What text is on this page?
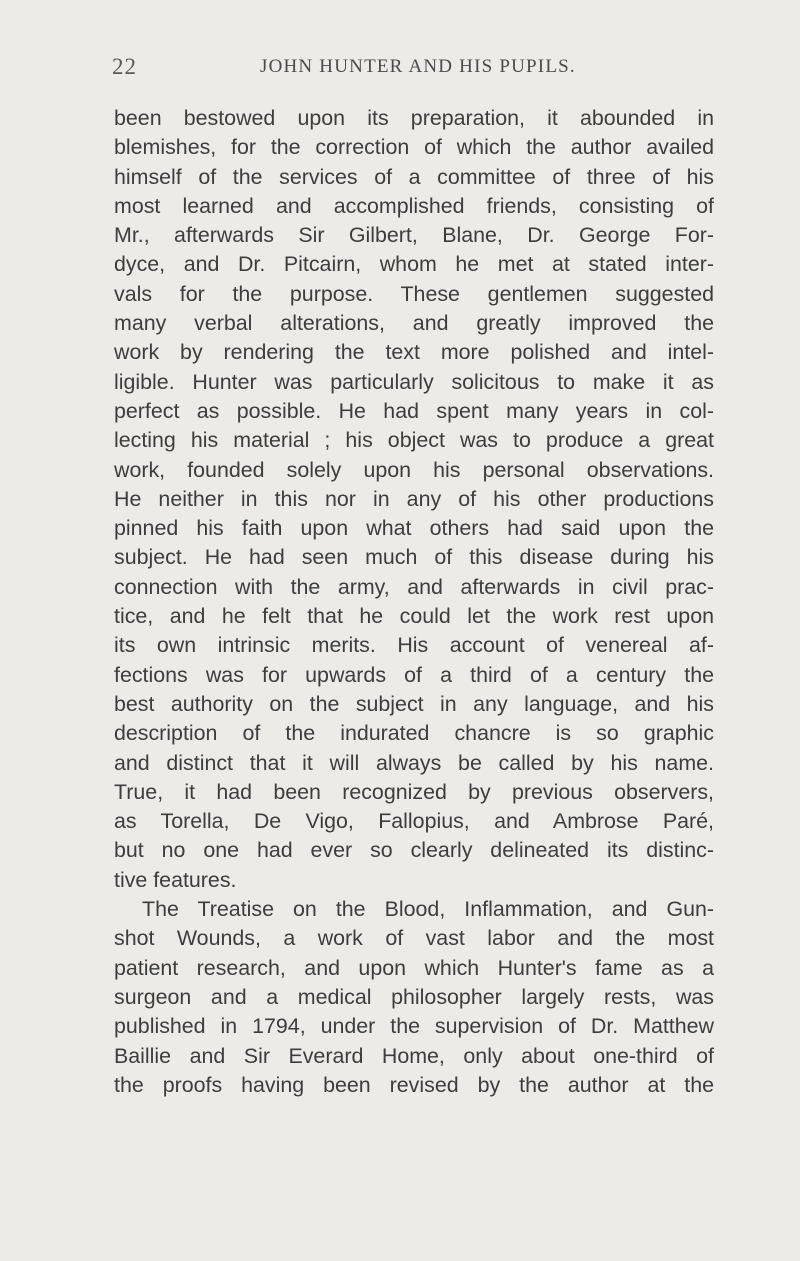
22	JOHN HUNTER AND HIS PUPILS.
been bestowed upon its preparation, it abounded in
blemishes, for the correction of which the author availed
himself of the services of a committee of three of his
most learned and accomplished friends, consisting of
Mr., afterwards Sir Gilbert, Blane, Dr. George For-
dyce, and Dr. Pitcairn, whom he met at stated inter-
vals for the purpose. These gentlemen suggested
many verbal alterations, and greatly improved the
work by rendering the text more polished and intel-
ligible. Hunter was particularly solicitous to make it as
perfect as possible. He had spent many years in col-
lecting his material ; his object was to produce a great
work, founded solely upon his personal observations.
He neither in this nor in any of his other productions
pinned his faith upon what others had said upon the
subject. He had seen much of this disease during his
connection with the army, and afterwards in civil prac-
tice, and he felt that he could let the work rest upon
its own intrinsic merits. His account of venereal af-
fections was for upwards of a third of a century the
best authority on the subject in any language, and his
description of the indurated chancre is so graphic
and distinct that it will always be called by his name.
True, it had been recognized by previous observers,
as Torella, De Vigo, Fallopius, and Ambrose Paré,
but no one had ever so clearly delineated its distinc-
tive features.
The Treatise on the Blood, Inflammation, and Gun-
shot Wounds, a work of vast labor and the most
patient research, and upon which Hunter's fame as a
surgeon and a medical philosopher largely rests, was
published in 1794, under the supervision of Dr. Matthew
Baillie and Sir Everard Home, only about one-third of
the proofs having been revised by the author at the
